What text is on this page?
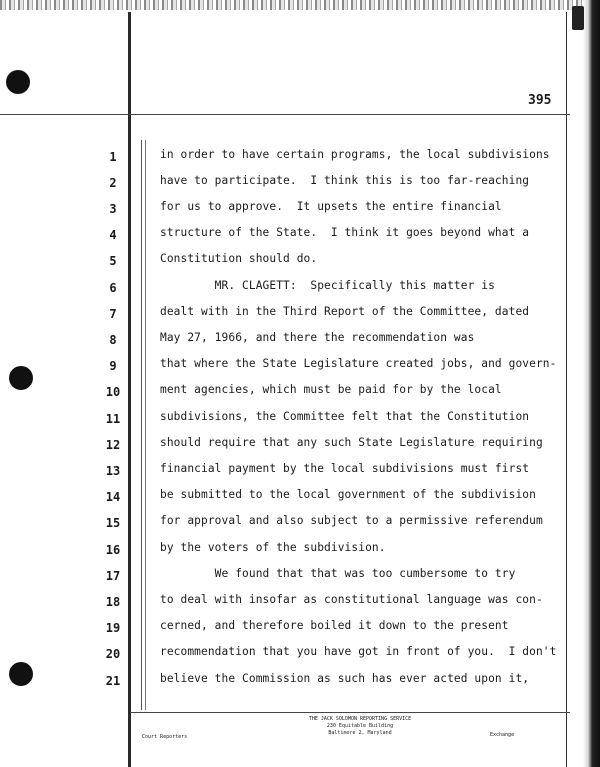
395
1
2
3
4
5
6
7
8
9
10
11
12
13
14
15
16
17
18
19
20
21
in order to have certain programs, the local subdivisions
have to participate.  I think this is too far-reaching
for us to approve.  It upsets the entire financial
structure of the State.  I think it goes beyond what a
Constitution should do.
MR. CLAGETT:  Specifically this matter is
dealt with in the Third Report of the Committee, dated
May 27, 1966, and there the recommendation was
that where the State Legislature created jobs, and govern-
ment agencies, which must be paid for by the local
subdivisions, the Committee felt that the Constitution
should require that any such State Legislature requiring
financial payment by the local subdivisions must first
be submitted to the local government of the subdivision
for approval and also subject to a permissive referendum
by the voters of the subdivision.
We found that that was too cumbersome to try
to deal with insofar as constitutional language was con-
cerned, and therefore boiled it down to the present
recommendation that you have got in front of you.  I don't
believe the Commission as such has ever acted upon it,
Court Reporters
THE JACK SOLOMON REPORTING SERVICE
230 Equitable Building
Baltimore 2, Maryland	Exchange
